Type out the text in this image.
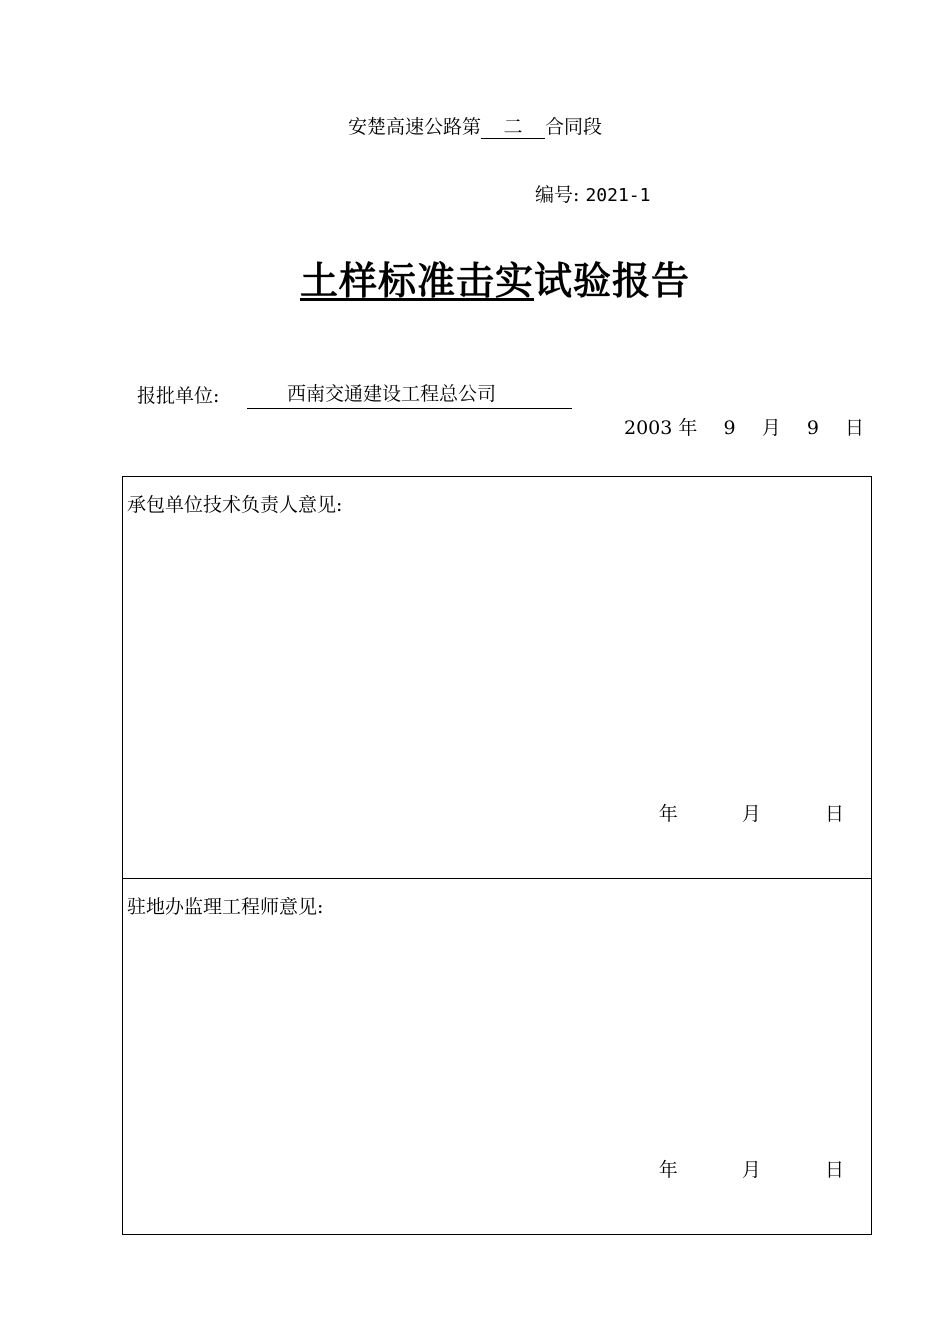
安楚高速公路第 二 合同段
编号: 2021-1
土样标准击实试验报告
报批单位:	西南交通建设工程总公司
2003 年 9 月 9 日
承包单位技术负责人意见:
年	月	日
驻地办监理工程师意见:
年	月	日
